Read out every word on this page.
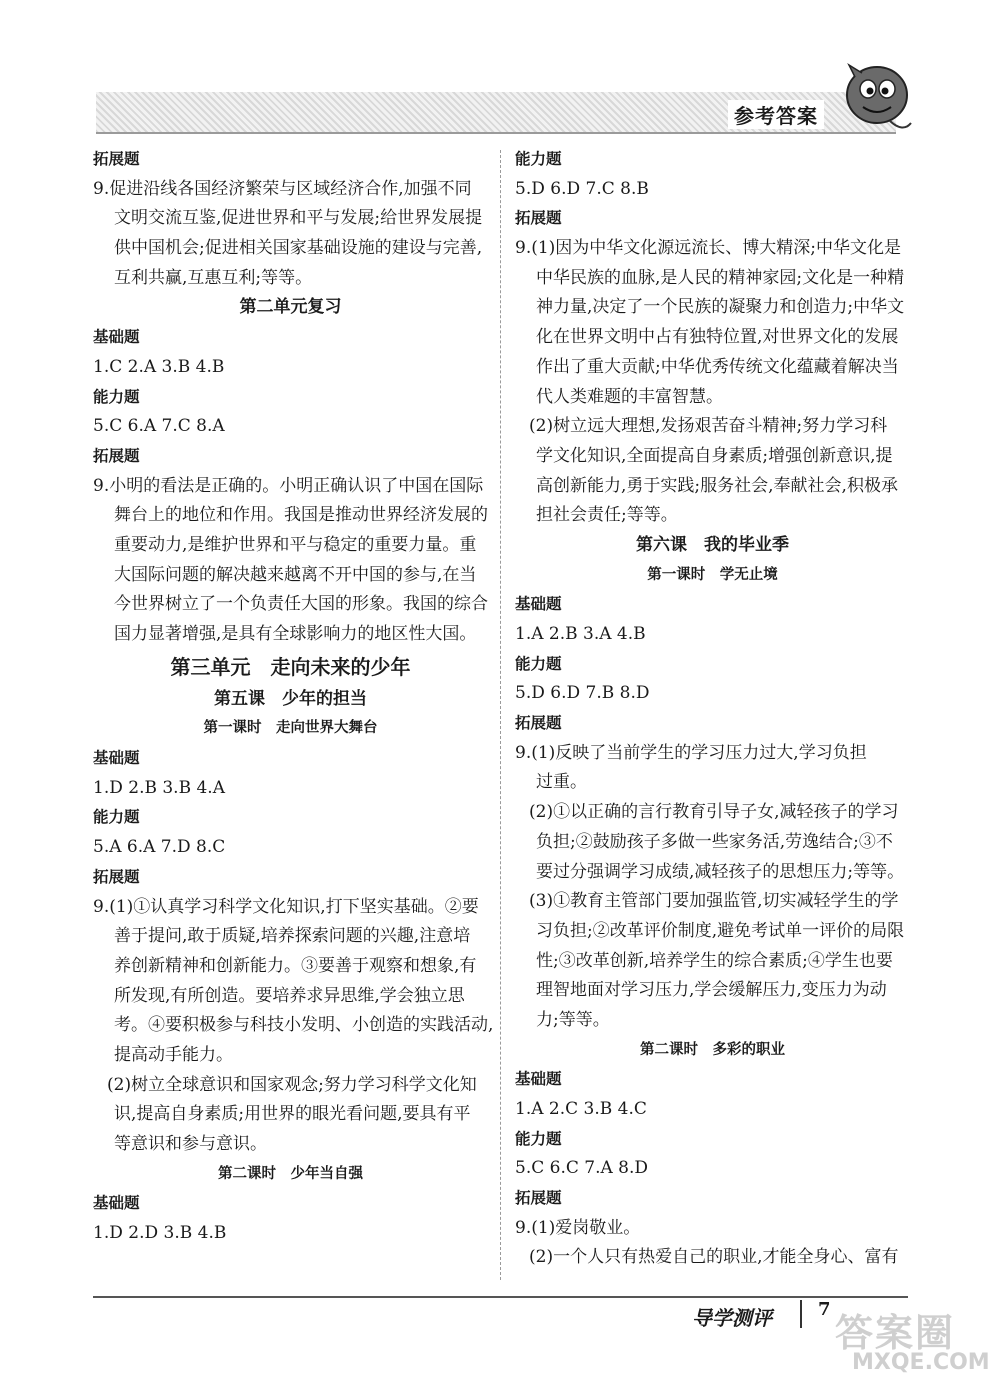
参考答案
拓展题
9.促进沿线各国经济繁荣与区域经济合作,加强不同
文明交流互鉴,促进世界和平与发展;给世界发展提
供中国机会;促进相关国家基础设施的建设与完善,
互利共赢,互惠互利;等等。
第二单元复习
基础题
1.C 2.A 3.B 4.B
能力题
5.C 6.A 7.C 8.A
拓展题
9.小明的看法是正确的。小明正确认识了中国在国际
舞台上的地位和作用。我国是推动世界经济发展的
重要动力,是维护世界和平与稳定的重要力量。重
大国际问题的解决越来越离不开中国的参与,在当
今世界树立了一个负责任大国的形象。我国的综合
国力显著增强,是具有全球影响力的地区性大国。
第三单元　走向未来的少年
第五课　少年的担当
第一课时　走向世界大舞台
基础题
1.D 2.B 3.B 4.A
能力题
5.A 6.A 7.D 8.C
拓展题
9.(1)①认真学习科学文化知识,打下坚实基础。②要
善于提问,敢于质疑,培养探索问题的兴趣,注意培
养创新精神和创新能力。③要善于观察和想象,有
所发现,有所创造。要培养求异思维,学会独立思
考。④要积极参与科技小发明、小创造的实践活动,
提高动手能力。
(2)树立全球意识和国家观念;努力学习科学文化知
识,提高自身素质;用世界的眼光看问题,要具有平
等意识和参与意识。
第二课时　少年当自强
基础题
1.D 2.D 3.B 4.B
能力题
5.D 6.D 7.C 8.B
拓展题
9.(1)因为中华文化源远流长、博大精深;中华文化是
中华民族的血脉,是人民的精神家园;文化是一种精
神力量,决定了一个民族的凝聚力和创造力;中华文
化在世界文明中占有独特位置,对世界文化的发展
作出了重大贡献;中华优秀传统文化蕴藏着解决当
代人类难题的丰富智慧。
(2)树立远大理想,发扬艰苦奋斗精神;努力学习科
学文化知识,全面提高自身素质;增强创新意识,提
高创新能力,勇于实践;服务社会,奉献社会,积极承
担社会责任;等等。
第六课　我的毕业季
第一课时　学无止境
基础题
1.A 2.B 3.A 4.B
能力题
5.D 6.D 7.B 8.D
拓展题
9.(1)反映了当前学生的学习压力过大,学习负担
过重。
(2)①以正确的言行教育引导子女,减轻孩子的学习
负担;②鼓励孩子多做一些家务活,劳逸结合;③不
要过分强调学习成绩,减轻孩子的思想压力;等等。
(3)①教育主管部门要加强监管,切实减轻学生的学
习负担;②改革评价制度,避免考试单一评价的局限
性;③改革创新,培养学生的综合素质;④学生也要
理智地面对学习压力,学会缓解压力,变压力为动
力;等等。
第二课时　多彩的职业
基础题
1.A 2.C 3.B 4.C
能力题
5.C 6.C 7.A 8.D
拓展题
9.(1)爱岗敬业。
(2)一个人只有热爱自己的职业,才能全身心、富有
导学测评	7
答案圈
MXQE.COM
